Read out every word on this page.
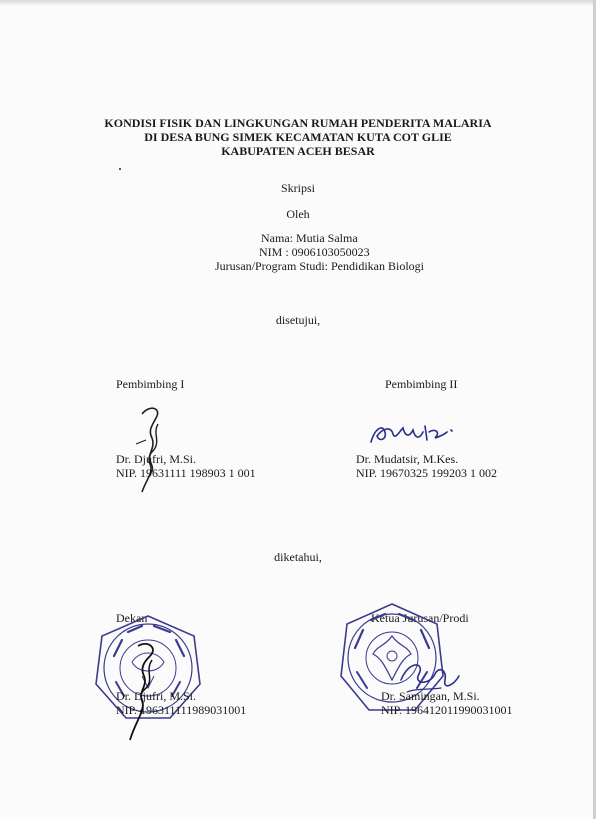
KONDISI FISIK DAN LINGKUNGAN RUMAH PENDERITA MALARIA
DI DESA BUNG SIMEK KECAMATAN KUTA COT GLIE
KABUPATEN ACEH BESAR
Skripsi
Oleh
Nama: Mutia Salma
NIM : 0906103050023
Jurusan/Program Studi: Pendidikan Biologi
disetujui,
Pembimbing I	Pembimbing II
Dr. Djufri, M.Si.
NIP. 19631111 198903 1 001
Dr. Mudatsir, M.Kes.
NIP. 19670325 199203 1 002
diketahui,
Dekan	Ketua Jurusan/Prodi
Dr. Djufri, M.Si.
NIP. 196311111989031001
Dr. Samingan, M.Si.
NIP. 196412011990031001
